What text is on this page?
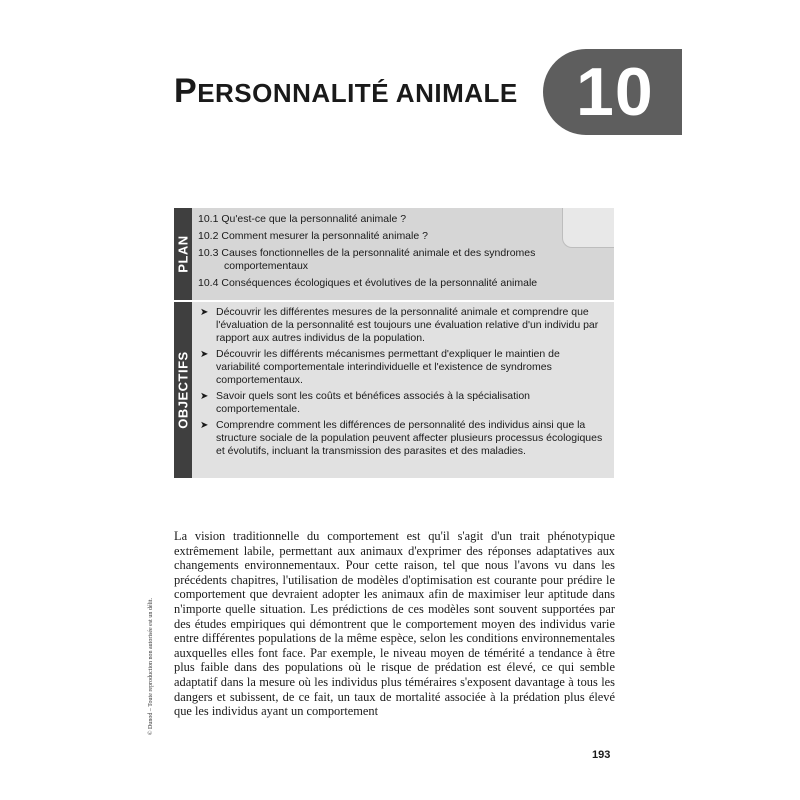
PERSONNALITÉ ANIMALE 10
PLAN
10.1 Qu'est-ce que la personnalité animale ?
10.2 Comment mesurer la personnalité animale ?
10.3 Causes fonctionnelles de la personnalité animale et des syndromes comportementaux
10.4 Conséquences écologiques et évolutives de la personnalité animale
OBJECTIFS
➤ Découvrir les différentes mesures de la personnalité animale et comprendre que l'évaluation de la personnalité est toujours une évaluation relative d'un individu par rapport aux autres individus de la population.
➤ Découvrir les différents mécanismes permettant d'expliquer le maintien de variabilité comportementale interindividuelle et l'existence de syndromes comportementaux.
➤ Savoir quels sont les coûts et bénéfices associés à la spécialisation comportementale.
➤ Comprendre comment les différences de personnalité des individus ainsi que la structure sociale de la population peuvent affecter plusieurs processus écologiques et évolutifs, incluant la transmission des parasites et des maladies.
La vision traditionnelle du comportement est qu'il s'agit d'un trait phénotypique extrêmement labile, permettant aux animaux d'exprimer des réponses adaptatives aux changements environnementaux. Pour cette raison, tel que nous l'avons vu dans les précédents chapitres, l'utilisation de modèles d'optimisation est courante pour prédire le comportement que devraient adopter les animaux afin de maximiser leur aptitude dans n'importe quelle situation. Les prédictions de ces modèles sont souvent supportées par des études empiriques qui démontrent que le comportement moyen des individus varie entre différentes populations de la même espèce, selon les conditions environnementales auxquelles elles font face. Par exemple, le niveau moyen de témérité a tendance à être plus faible dans des populations où le risque de prédation est élevé, ce qui semble adaptatif dans la mesure où les individus plus téméraires s'exposent davantage à tous les dangers et subissent, de ce fait, un taux de mortalité associée à la prédation plus élevé que les individus ayant un comportement
© Dunod – Toute reproduction non autorisée est un délit.
193
